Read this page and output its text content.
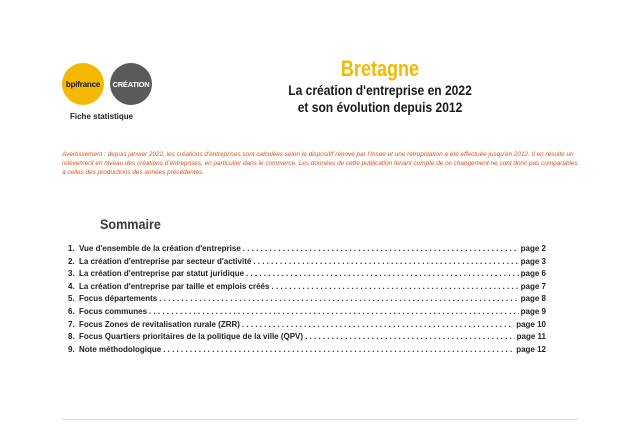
bpifrance CRÉATION
Fiche statistique
Bretagne
La création d'entreprise en 2022
et son évolution depuis 2012
Avertissement : depuis janvier 2022, les créations d'entreprises sont calculées selon le dispositif rénové par l'Insee et une rétropolation a été effectuée jusqu'en 2012. Il en résulte un relèvement en niveau des créations d'entreprises, en particulier dans le commerce. Les données de cette publication tenant compte de ce changement ne sont donc pas comparables à celles des productions des années précédentes.
Sommaire
1. Vue d'ensemble de la création d'entreprise . . .	page 2
2. La création d'entreprise par secteur d'activité . . .	page 3
3. La création d'entreprise par statut juridique . . .	page 6
4. La création d'entreprise par taille et emplois créés . . .	page 7
5. Focus départements . . .	page 8
6. Focus communes . . .	page 9
7. Focus Zones de revitalisation rurale (ZRR) . . .	page 10
8. Focus Quartiers prioritaires de la politique de la ville (QPV) . . .	page 11
9. Note méthodologique . . .	page 12
